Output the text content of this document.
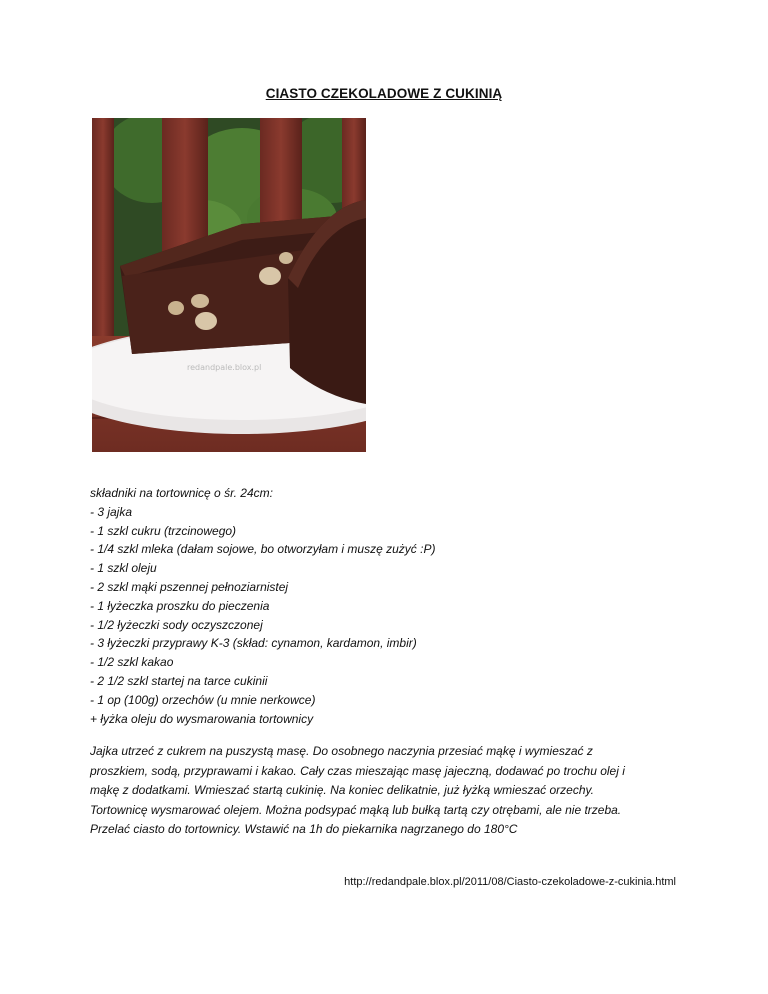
CIASTO CZEKOLADOWE Z CUKINIĄ
redandpale.blox.pl
składniki na tortownicę o śr. 24cm:
- 3 jajka
- 1 szkl cukru (trzcinowego)
- 1/4 szkl mleka (dałam sojowe, bo otworzyłam i muszę zużyć :P)
- 1 szkl oleju
- 2 szkl mąki pszennej pełnoziarnistej
- 1 łyżeczka proszku do pieczenia
- 1/2 łyżeczki sody oczyszczonej
- 3 łyżeczki przyprawy K-3 (skład: cynamon, kardamon, imbir)
- 1/2 szkl kakao
- 2 1/2 szkl startej na tarce cukinii
- 1 op (100g) orzechów (u mnie nerkowce)
+ łyżka oleju do wysmarowania tortownicy
Jajka utrzeć z cukrem na puszystą masę. Do osobnego naczynia przesiać mąkę i wymieszać z
proszkiem, sodą, przyprawami i kakao. Cały czas mieszając masę jajeczną, dodawać po trochu olej i
mąkę z dodatkami. Wmieszać startą cukinię. Na koniec delikatnie, już łyżką wmieszać orzechy.
Tortownicę wysmarować olejem. Można podsypać mąką lub bułką tartą czy otrębami, ale nie trzeba.
Przelać ciasto do tortownicy. Wstawić na 1h do piekarnika nagrzanego do 180°C
http://redandpale.blox.pl/2011/08/Ciasto-czekoladowe-z-cukinia.html
